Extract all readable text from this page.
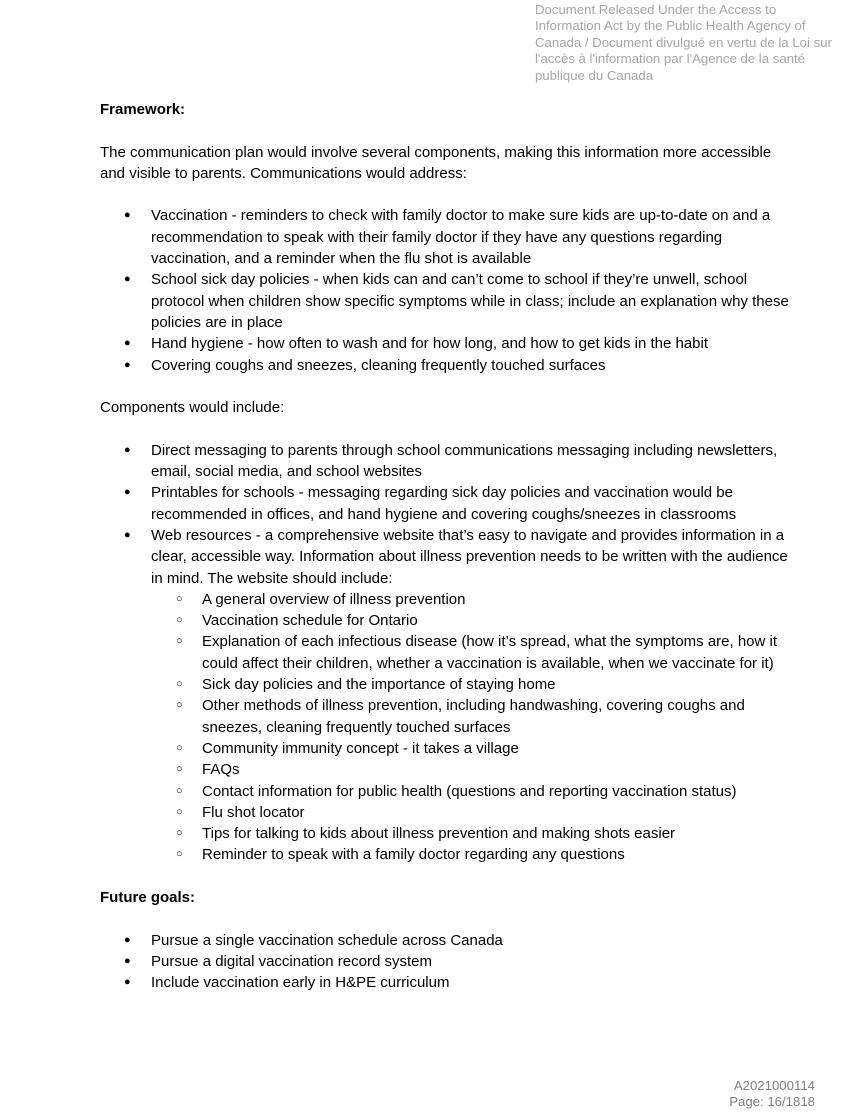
Document Released Under the Access to
Information Act by the Public Health Agency of
Canada / Document divulgué en vertu de la Loi sur
l'accès à l'information par l'Agence de la santé
publique du Canada

Framework:

The communication plan would involve several components, making this information more accessible and visible to parents. Communications would address:

● Vaccination - reminders to check with family doctor to make sure kids are up-to-date on and a recommendation to speak with their family doctor if they have any questions regarding vaccination, and a reminder when the flu shot is available
● School sick day policies - when kids can and can’t come to school if they’re unwell, school protocol when children show specific symptoms while in class; include an explanation why these policies are in place
● Hand hygiene - how often to wash and for how long, and how to get kids in the habit
● Covering coughs and sneezes, cleaning frequently touched surfaces

Components would include:

● Direct messaging to parents through school communications messaging including newsletters, email, social media, and school websites
● Printables for schools - messaging regarding sick day policies and vaccination would be recommended in offices, and hand hygiene and covering coughs/sneezes in classrooms
● Web resources - a comprehensive website that’s easy to navigate and provides information in a clear, accessible way. Information about illness prevention needs to be written with the audience in mind. The website should include:
○ A general overview of illness prevention
○ Vaccination schedule for Ontario
○ Explanation of each infectious disease (how it’s spread, what the symptoms are, how it could affect their children, whether a vaccination is available, when we vaccinate for it)
○ Sick day policies and the importance of staying home
○ Other methods of illness prevention, including handwashing, covering coughs and sneezes, cleaning frequently touched surfaces
○ Community immunity concept - it takes a village
○ FAQs
○ Contact information for public health (questions and reporting vaccination status)
○ Flu shot locator
○ Tips for talking to kids about illness prevention and making shots easier
○ Reminder to speak with a family doctor regarding any questions
Future goals:
● Pursue a single vaccination schedule across Canada
● Pursue a digital vaccination record system
● Include vaccination early in H&PE curriculum
A2021000114
Page: 16/1818
